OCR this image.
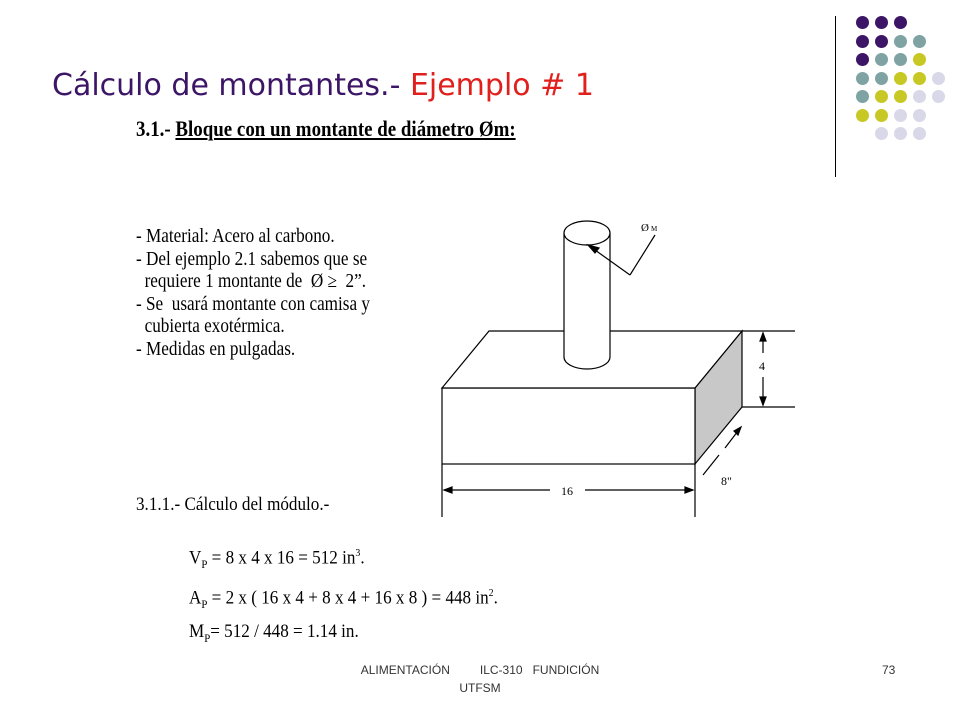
Cálculo de montantes.- Ejemplo # 1
3.1.- Bloque con un montante de diámetro Øm:
- Material: Acero al carbono.
- Del ejemplo 2.1 sabemos que se
requiere 1 montante de  Ø ≥  2”.
- Se  usará montante con camisa y
cubierta exotérmica.
- Medidas en pulgadas.
Ø M
4
16
8"
3.1.1.- Cálculo del módulo.-
$V_P = 8$ x 4 x 16 = 512 $in^3$.
$A_P = 2$ x ( 16 x 4 + 8 x 4 + 16 x 8 ) = 448 $in^2$.
$M_P= 512 / 448 = 1.14$ in.
ALIMENTACIÓN         ILC-310   FUNDICIÓN
UTFSM
73
